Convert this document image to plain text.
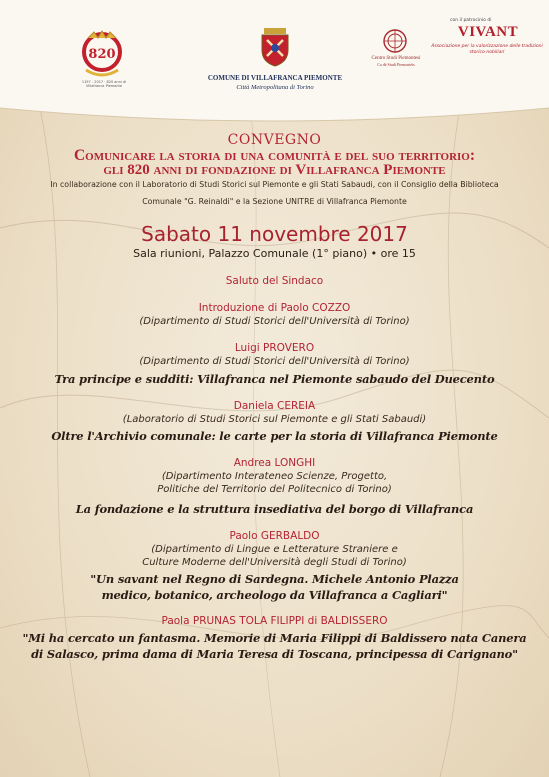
820
1197 - 2017 · 820 anni di Villafranca Piemonte
COMUNE DI VILLAFRANCA PIEMONTE
Città Metropolitana di Torino
Centro Studi Piemontesi
Ca dë Studi Piemontèis
con il patrocinio di
VIVANT
Associazione per la valorizzazione delle tradizioni storico-nobiliari
CONVEGNO
Comunicare la storia di una comunità e del suo territorio:
gli 820 anni di fondazione di Villafranca Piemonte
In collaborazione con il Laboratorio di Studi Storici sul Piemonte e gli Stati Sabaudi, con il Consiglio della Biblioteca
Comunale "G. Reinaldi" e la Sezione UNITRE di Villafranca Piemonte
Sabato 11 novembre 2017
Sala riunioni, Palazzo Comunale (1° piano) • ore 15
Saluto del Sindaco
Introduzione di Paolo COZZO
(Dipartimento di Studi Storici dell'Università di Torino)
Luigi PROVERO
(Dipartimento di Studi Storici dell'Università di Torino)
Tra principe e sudditi: Villafranca nel Piemonte sabaudo del Duecento
Daniela CEREIA
(Laboratorio di Studi Storici sul Piemonte e gli Stati Sabaudi)
Oltre l'Archivio comunale: le carte per la storia di Villafranca Piemonte
Andrea LONGHI
(Dipartimento Interateneo Scienze, Progetto,
Politiche del Territorio del Politecnico di Torino)
La fondazione e la struttura insediativa del borgo di Villafranca
Paolo GERBALDO
(Dipartimento di Lingue e Letterature Straniere e
Culture Moderne dell'Università degli Studi di Torino)
"Un savant nel Regno di Sardegna. Michele Antonio Plazza
medico, botanico, archeologo da Villafranca a Cagliari"
Paola PRUNAS TOLA FILIPPI di BALDISSERO
"Mi ha cercato un fantasma. Memorie di Maria Filippi di Baldissero nata Canera
di Salasco, prima dama di Maria Teresa di Toscana, principessa di Carignano"
